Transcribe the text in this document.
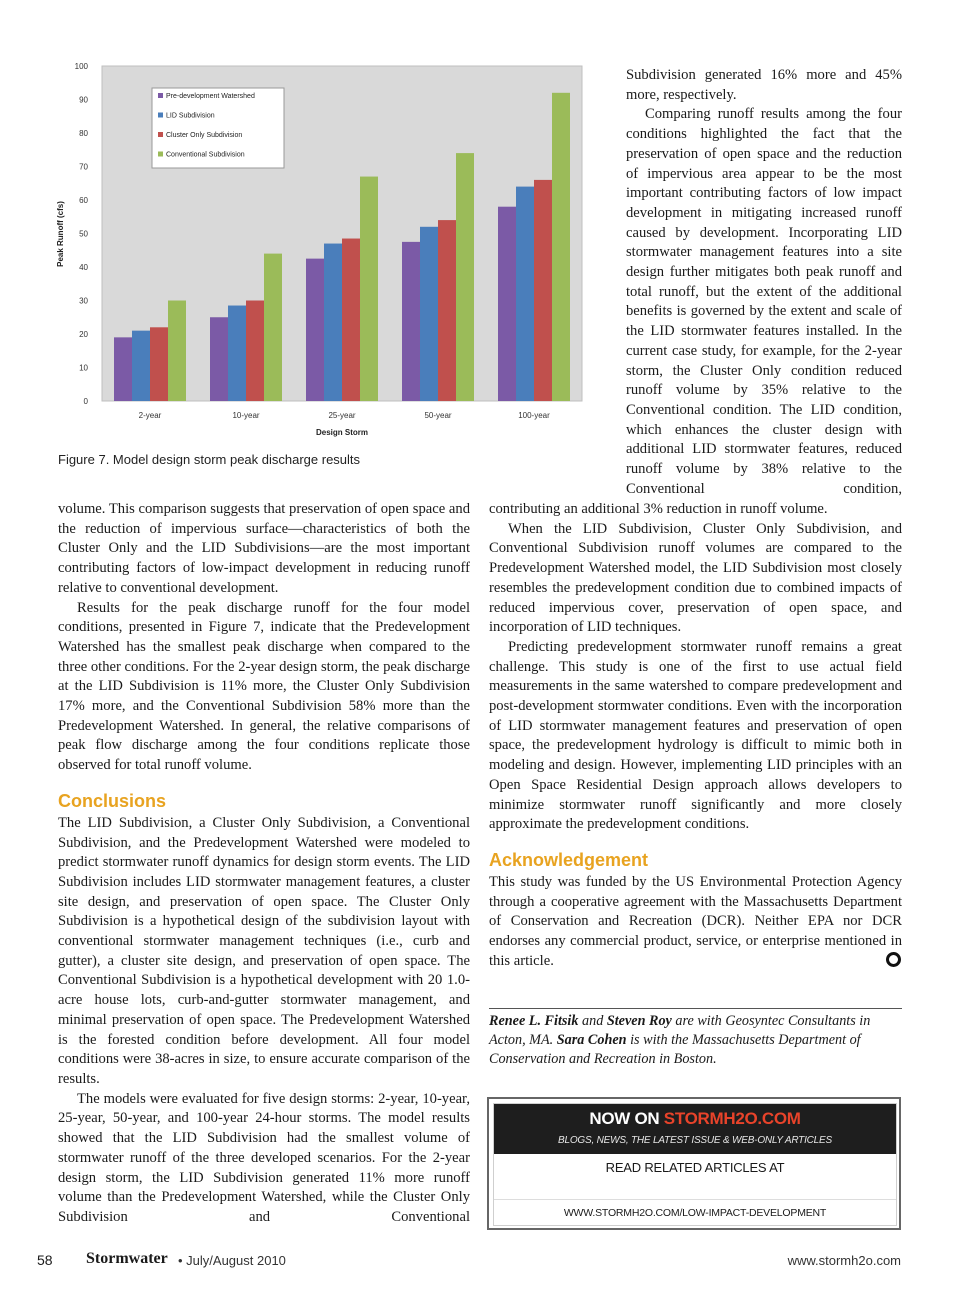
0
10
20
30
40
50
60
70
80
90
100
2-year	10-year	25-year	50-year	100-year
Peak Runoff (cfs)
Design Storm
Pre-development Watershed
LID Subdivision
Cluster Only Subdivision
Conventional Subdivision
Figure 7. Model design storm peak discharge results

Subdivision generated 16% more and 45% more, respectively.

Comparing runoff results among the four conditions highlighted the fact that the preservation of open space and the reduction of impervious area appear to be the most important contributing factors of low impact development in mitigating increased runoff caused by development. Incorporating LID stormwater management features into a site design further mitigates both peak runoff and total runoff, but the extent of the additional benefits is governed by the extent and scale of the LID stormwater features installed. In the current case study, for example, for the 2-year storm, the Cluster Only condition reduced runoff volume by 35% relative to the Conventional condition. The LID condition, which enhances the cluster design with additional LID stormwater features, reduced runoff volume by 38% relative to the Conventional condition,

volume. This comparison suggests that preservation of open space and the reduction of impervious surface—characteristics of both the Cluster Only and the LID Subdivisions—are the most important contributing factors of low-impact development in reducing runoff relative to conventional development.

Results for the peak discharge runoff for the four model conditions, presented in Figure 7, indicate that the Predevelopment Watershed has the smallest peak discharge when compared to the three other conditions. For the 2-year design storm, the peak discharge at the LID Subdivision is 11% more, the Cluster Only Subdivision 17% more, and the Conventional Subdivision 58% more than the Predevelopment Watershed. In general, the relative comparisons of peak flow discharge among the four conditions replicate those observed for total runoff volume.

Conclusions

The LID Subdivision, a Cluster Only Subdivision, a Conventional Subdivision, and the Predevelopment Watershed were modeled to predict stormwater runoff dynamics for design storm events. The LID Subdivision includes LID stormwater management features, a cluster site design, and preservation of open space. The Cluster Only Subdivision is a hypothetical design of the subdivision layout with conventional stormwater management techniques (i.e., curb and gutter), a cluster site design, and preservation of open space. The Conventional Subdivision is a hypothetical development with 20 1.0-acre house lots, curb-and-gutter stormwater management, and minimal preservation of open space. The Predevelopment Watershed is the forested condition before development. All four model conditions were 38-acres in size, to ensure accurate comparison of the results.

The models were evaluated for five design storms: 2-year, 10-year, 25-year, 50-year, and 100-year 24-hour storms. The model results showed that the LID Subdivision had the smallest volume of stormwater runoff of the three developed scenarios. For the 2-year design storm, the LID Subdivision generated 11% more runoff volume than the Predevelopment Watershed, while the Cluster Only Subdivision and Conventional

contributing an additional 3% reduction in runoff volume.

When the LID Subdivision, Cluster Only Subdivision, and Conventional Subdivision runoff volumes are compared to the Predevelopment Watershed model, the LID Subdivision most closely resembles the predevelopment condition due to combined impacts of reduced impervious cover, preservation of open space, and incorporation of LID techniques.

Predicting predevelopment stormwater runoff remains a great challenge. This study is one of the first to use actual field measurements in the same watershed to compare predevelopment and post-development stormwater conditions. Even with the incorporation of LID stormwater management features and preservation of open space, the predevelopment hydrology is difficult to mimic both in modeling and design. However, implementing LID principles with an Open Space Residential Design approach allows developers to minimize stormwater runoff significantly and more closely approximate the predevelopment conditions.

Acknowledgement

This study was funded by the US Environmental Protection Agency through a cooperative agreement with the Massachusetts Department of Conservation and Recreation (DCR). Neither EPA nor DCR endorses any commercial product, service, or enterprise mentioned in this article.

Renee L. Fitsik and Steven Roy are with Geosyntec Consultants in Acton, MA. Sara Cohen is with the Massachusetts Department of Conservation and Recreation in Boston.
NOW ON STORMH2O.COM
BLOGS, NEWS, THE LATEST ISSUE & WEB-ONLY ARTICLES
READ RELATED ARTICLES AT
WWW.STORMH2O.COM/LOW-IMPACT-DEVELOPMENT
58 Stormwater • July/August 2010	www.stormh2o.com
